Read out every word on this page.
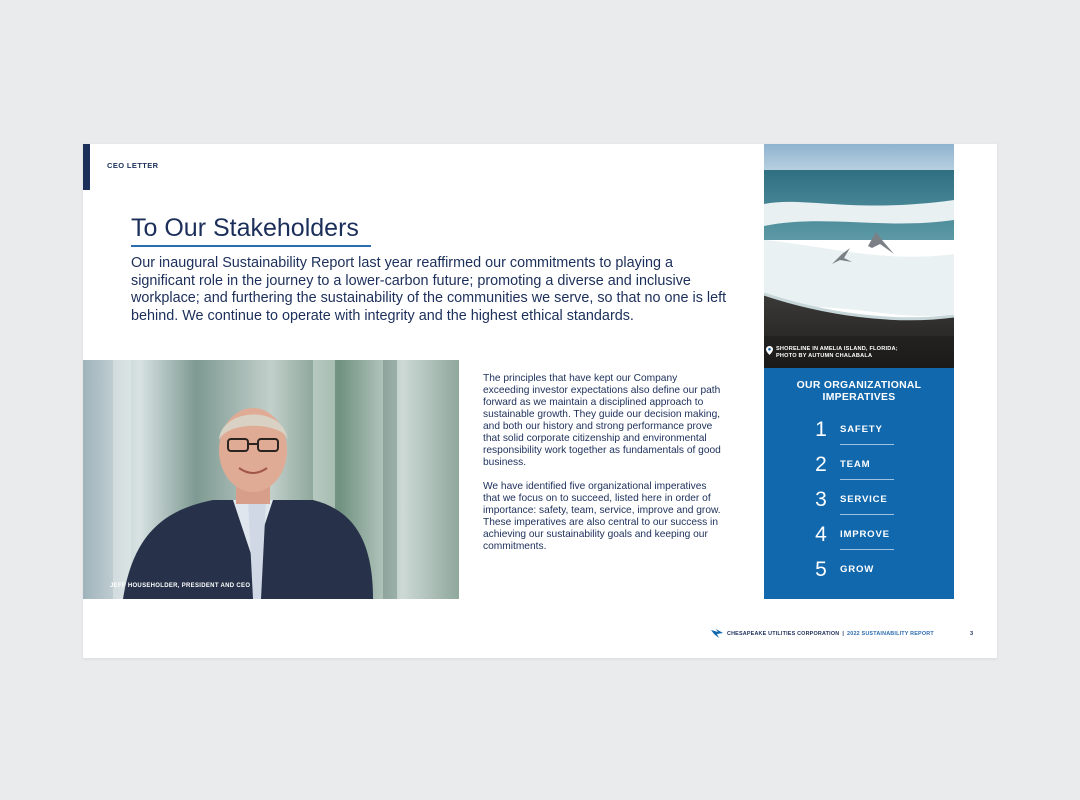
CEO LETTER
To Our Stakeholders

Our inaugural Sustainability Report last year reaffirmed our commitments to playing a significant role in the journey to a lower-carbon future; promoting a diverse and inclusive workplace; and furthering the sustainability of the communities we serve, so that no one is left behind. We continue to operate with integrity and the highest ethical standards.

JEFF HOUSEHOLDER, PRESIDENT AND CEO

The principles that have kept our Company exceeding investor expectations also define our path forward as we maintain a disciplined approach to sustainable growth. They guide our decision making, and both our history and strong performance prove that solid corporate citizenship and environmental responsibility work together as fundamentals of good business.

We have identified five organizational imperatives that we focus on to succeed, listed here in order of importance: safety, team, service, improve and grow. These imperatives are also central to our success in achieving our sustainability goals and keeping our commitments.

SHORELINE IN AMELIA ISLAND, FLORIDA;
PHOTO BY AUTUMN CHALABALA
OUR ORGANIZATIONAL
IMPERATIVES
1 SAFETY
2 TEAM
3 SERVICE
4 IMPROVE
5 GROW
CHESAPEAKE UTILITIES CORPORATION | 2022 SUSTAINABILITY REPORT	3
